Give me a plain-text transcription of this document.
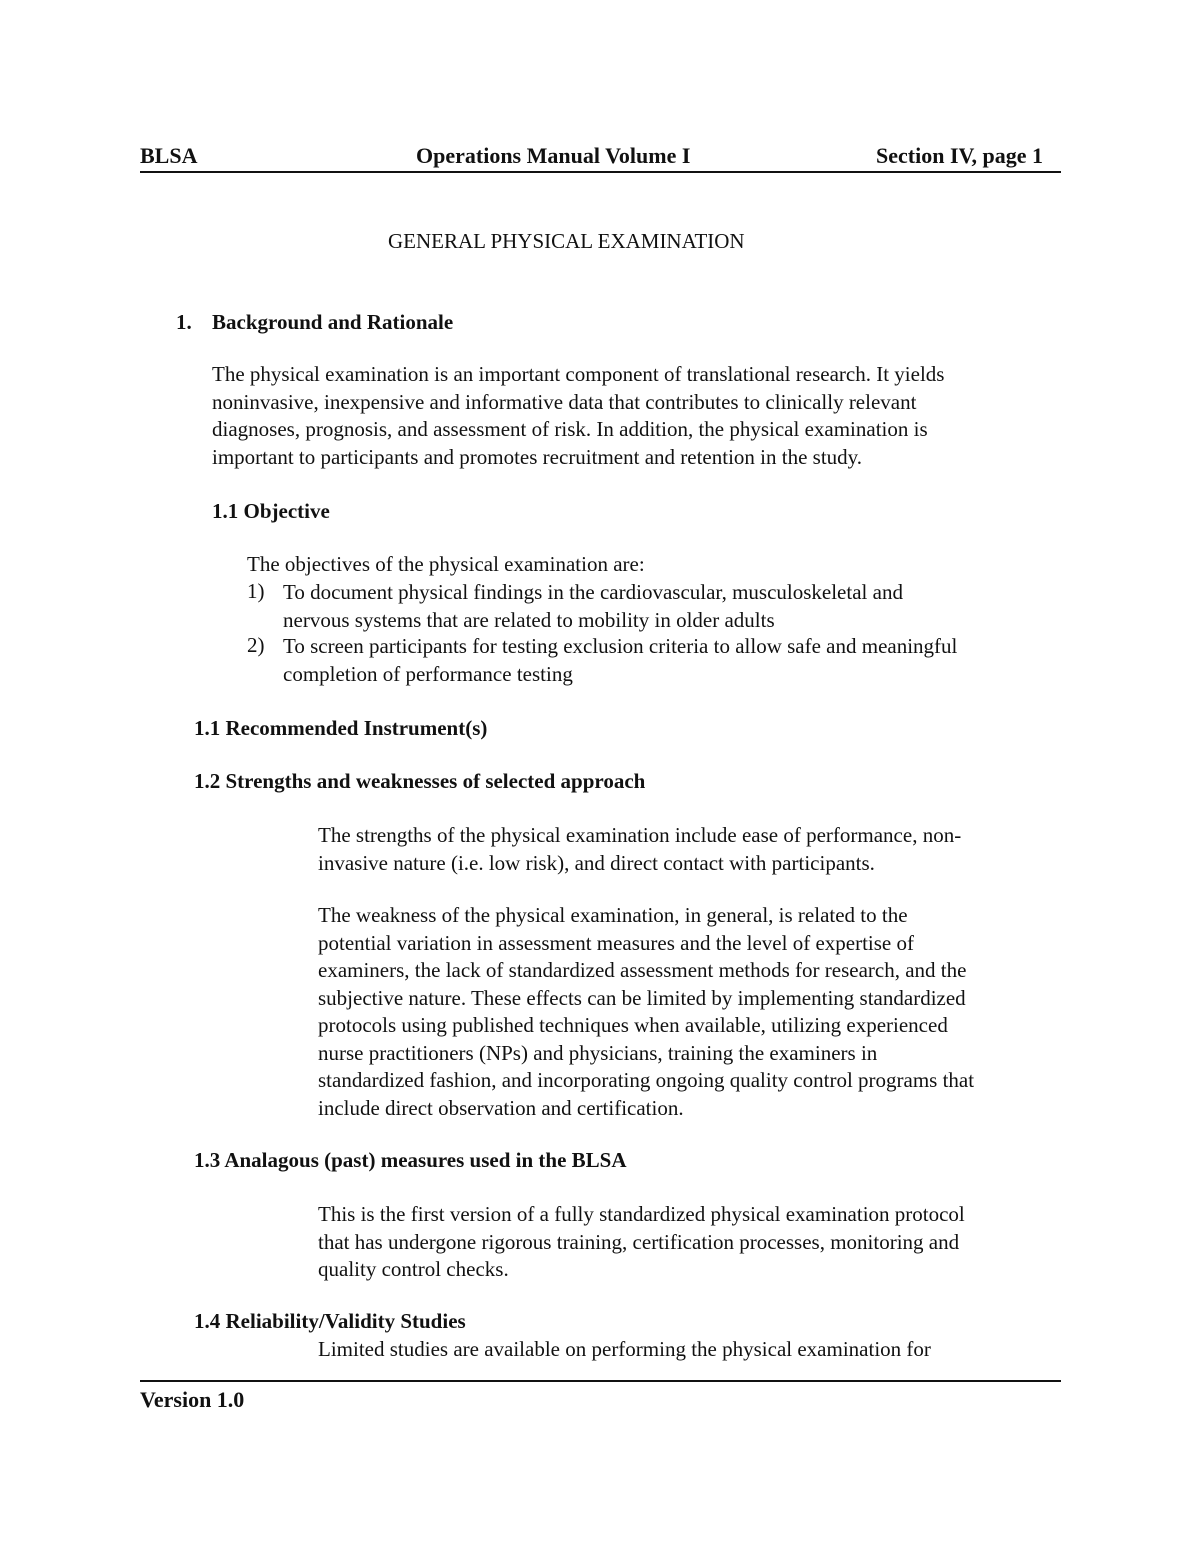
BLSA	Operations Manual Volume I	Section IV, page 1
GENERAL PHYSICAL EXAMINATION
1. Background and Rationale
The physical examination is an important component of translational research. It yields
noninvasive, inexpensive and informative data that contributes to clinically relevant
diagnoses, prognosis, and assessment of risk. In addition, the physical examination is
important to participants and promotes recruitment and retention in the study.
1.1 Objective
The objectives of the physical examination are:
1) To document physical findings in the cardiovascular, musculoskeletal and
nervous systems that are related to mobility in older adults
2) To screen participants for testing exclusion criteria to allow safe and meaningful
completion of performance testing
1.1 Recommended Instrument(s)
1.2 Strengths and weaknesses of selected approach
The strengths of the physical examination include ease of performance, non-
invasive nature (i.e. low risk), and direct contact with participants.
The weakness of the physical examination, in general, is related to the
potential variation in assessment measures and the level of expertise of
examiners, the lack of standardized assessment methods for research, and the
subjective nature. These effects can be limited by implementing standardized
protocols using published techniques when available, utilizing experienced
nurse practitioners (NPs) and physicians, training the examiners in
standardized fashion, and incorporating ongoing quality control programs that
include direct observation and certification.
1.3 Analagous (past) measures used in the BLSA
This is the first version of a fully standardized physical examination protocol
that has undergone rigorous training, certification processes, monitoring and
quality control checks.
1.4 Reliability/Validity Studies
Limited studies are available on performing the physical examination for
Version 1.0
